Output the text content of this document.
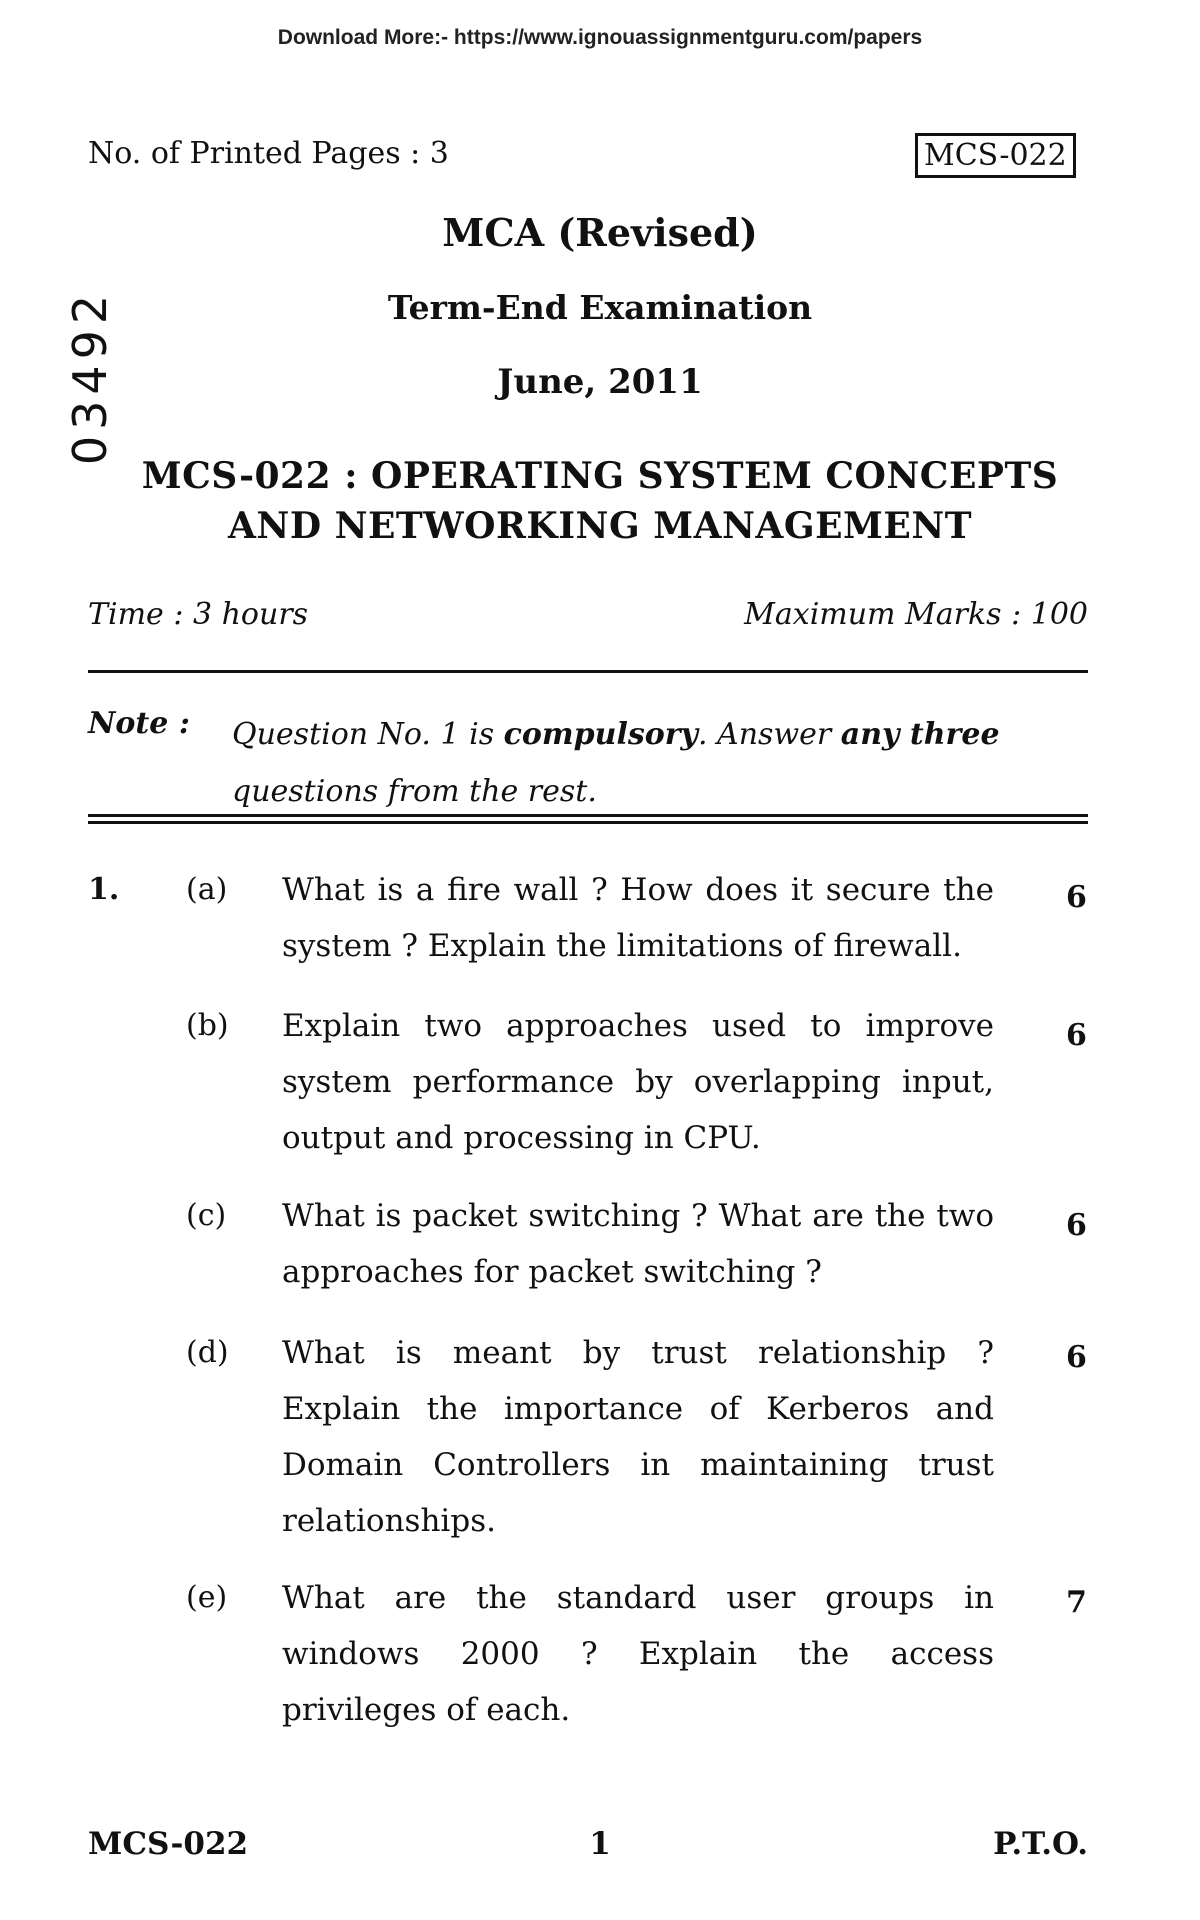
Download More:- https://www.ignouassignmentguru.com/papers
No. of Printed Pages : 3	MCS-022
03492
MCA (Revised)
Term-End Examination
June, 2011
MCS-022 : OPERATING SYSTEM CONCEPTS
AND NETWORKING MANAGEMENT
Time : 3 hours	Maximum Marks : 100
Note : Question No. 1 is compulsory. Answer any three questions from the rest.
1. (a) What is a fire wall ? How does it secure the system ? Explain the limitations of firewall.
6
(b) Explain two approaches used to improve system performance by overlapping input, output and processing in CPU.
6
(c) What is packet switching ? What are the two approaches for packet switching ?
6
(d) What is meant by trust relationship ? Explain the importance of Kerberos and Domain Controllers in maintaining trust relationships.
6
(e) What are the standard user groups in windows 2000 ? Explain the access privileges of each.
7
MCS-022	1	P.T.O.
